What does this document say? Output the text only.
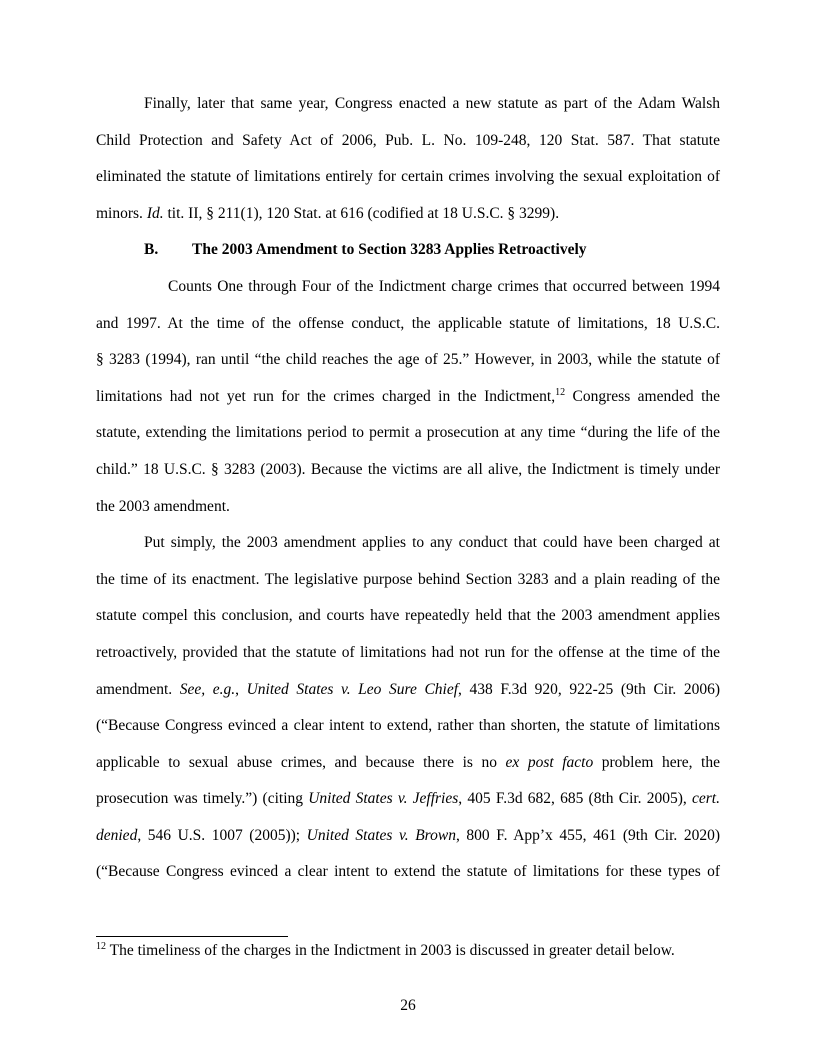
Finally, later that same year, Congress enacted a new statute as part of the Adam Walsh
Child Protection and Safety Act of 2006, Pub. L. No. 109-248, 120 Stat. 587. That statute
eliminated the statute of limitations entirely for certain crimes involving the sexual exploitation of
minors. Id. tit. II, § 211(1), 120 Stat. at 616 (codified at 18 U.S.C. § 3299).
B. The 2003 Amendment to Section 3283 Applies Retroactively
Counts One through Four of the Indictment charge crimes that occurred between 1994
and 1997. At the time of the offense conduct, the applicable statute of limitations, 18 U.S.C.
§ 3283 (1994), ran until “the child reaches the age of 25.” However, in 2003, while the statute of
limitations had not yet run for the crimes charged in the Indictment,$^{12}$ Congress amended the
statute, extending the limitations period to permit a prosecution at any time “during the life of the
child.” 18 U.S.C. § 3283 (2003). Because the victims are all alive, the Indictment is timely under
the 2003 amendment.
Put simply, the 2003 amendment applies to any conduct that could have been charged at
the time of its enactment. The legislative purpose behind Section 3283 and a plain reading of the
statute compel this conclusion, and courts have repeatedly held that the 2003 amendment applies
retroactively, provided that the statute of limitations had not run for the offense at the time of the
amendment. See, e.g., United States v. Leo Sure Chief, 438 F.3d 920, 922-25 (9th Cir. 2006)
(“Because Congress evinced a clear intent to extend, rather than shorten, the statute of limitations
applicable to sexual abuse crimes, and because there is no ex post facto problem here, the
prosecution was timely.”) (citing United States v. Jeffries, 405 F.3d 682, 685 (8th Cir. 2005), cert.
denied, 546 U.S. 1007 (2005)); United States v. Brown, 800 F. App’x 455, 461 (9th Cir. 2020)
(“Because Congress evinced a clear intent to extend the statute of limitations for these types of
$^{12}$ The timeliness of the charges in the Indictment in 2003 is discussed in greater detail below.
26
